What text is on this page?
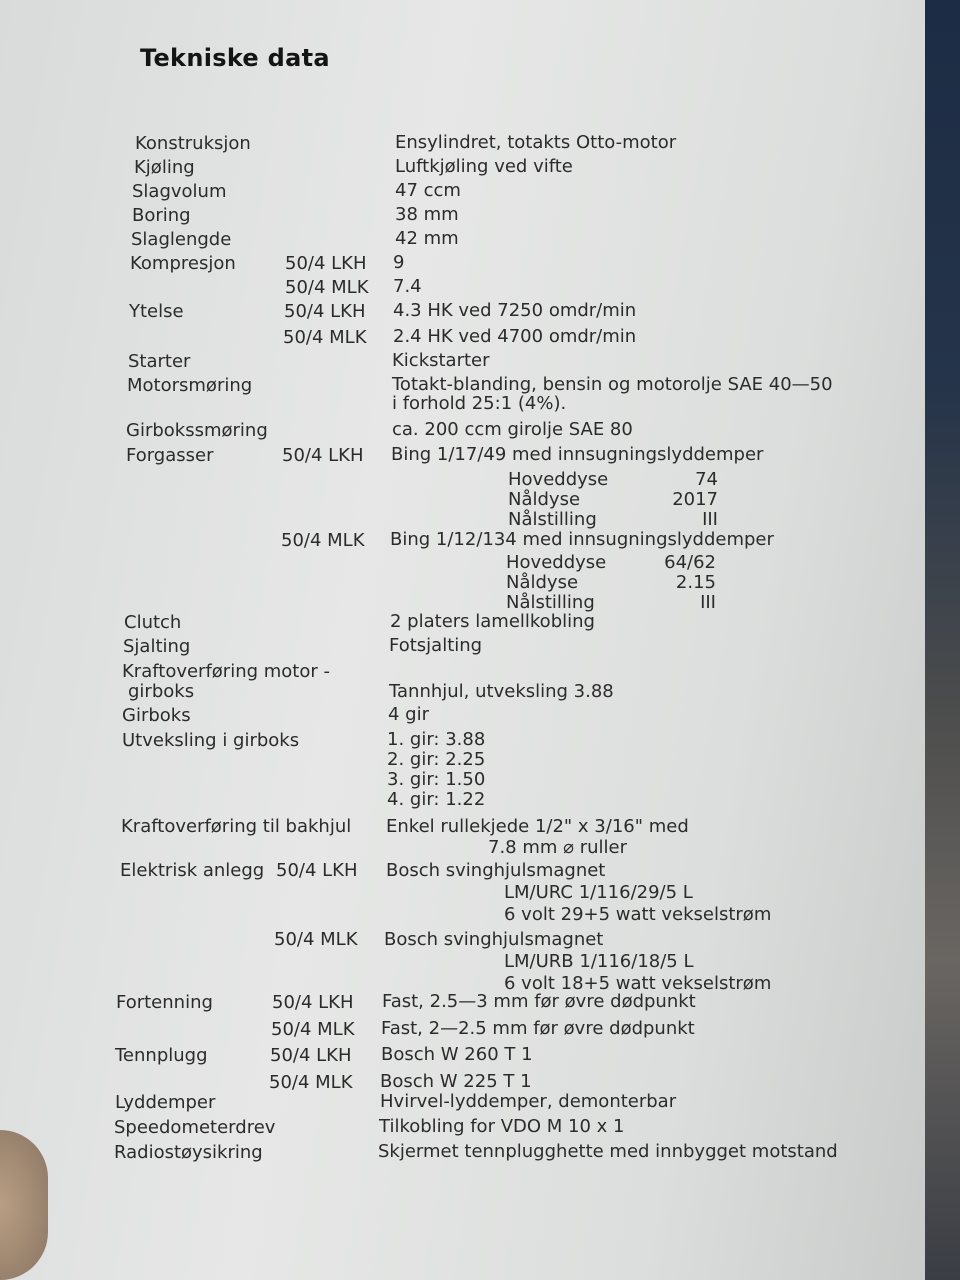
Tekniske data
Konstruksjon	Ensylindret, totakts Otto-motor
Kjøling	Luftkjøling ved vifte
Slagvolum	47 ccm
Boring	38 mm
Slaglengde	42 mm
Kompresjon	50/4 LKH 9
50/4 MLK 7.4
Ytelse	50/4 LKH 4.3 HK ved 7250 omdr/min
50/4 MLK 2.4 HK ved 4700 omdr/min
Starter	Kickstarter
Motorsmøring	Totakt-blanding, bensin og motorolje SAE 40—50
i forhold 25:1 (4%).
Girbokssmøring	ca. 200 ccm girolje SAE 80
Forgasser	50/4 LKH Bing 1/17/49 med innsugningslyddemper
Hoveddyse	74
Nåldyse	2017
Nålstilling	III
50/4 MLK Bing 1/12/134 med innsugningslyddemper
Hoveddyse	64/62
Nåldyse	2.15
Nålstilling	III
Clutch	2 platers lamellkobling
Sjalting	Fotsjalting
Kraftoverføring motor -
girboks	Tannhjul, utveksling 3.88
Girboks	4 gir
Utveksling i girboks	1. gir: 3.88
2. gir: 2.25
3. gir: 1.50
4. gir: 1.22
Kraftoverføring til bakhjul Enkel rullekjede 1/2" x 3/16" med
7.8 mm ⌀ ruller
Elektrisk anlegg 50/4 LKH Bosch svinghjulsmagnet
LM/URC 1/116/29/5 L
6 volt 29+5 watt vekselstrøm
50/4 MLK Bosch svinghjulsmagnet
LM/URB 1/116/18/5 L
6 volt 18+5 watt vekselstrøm
Fortenning	50/4 LKH Fast, 2.5—3 mm før øvre dødpunkt
50/4 MLK Fast, 2—2.5 mm før øvre dødpunkt
Tennplugg	50/4 LKH Bosch W 260 T 1
50/4 MLK Bosch W 225 T 1
Lyddemper	Hvirvel-lyddemper, demonterbar
Speedometerdrev	Tilkobling for VDO M 10 x 1
Radiostøysikring	Skjermet tennplugghette med innbygget motstand
